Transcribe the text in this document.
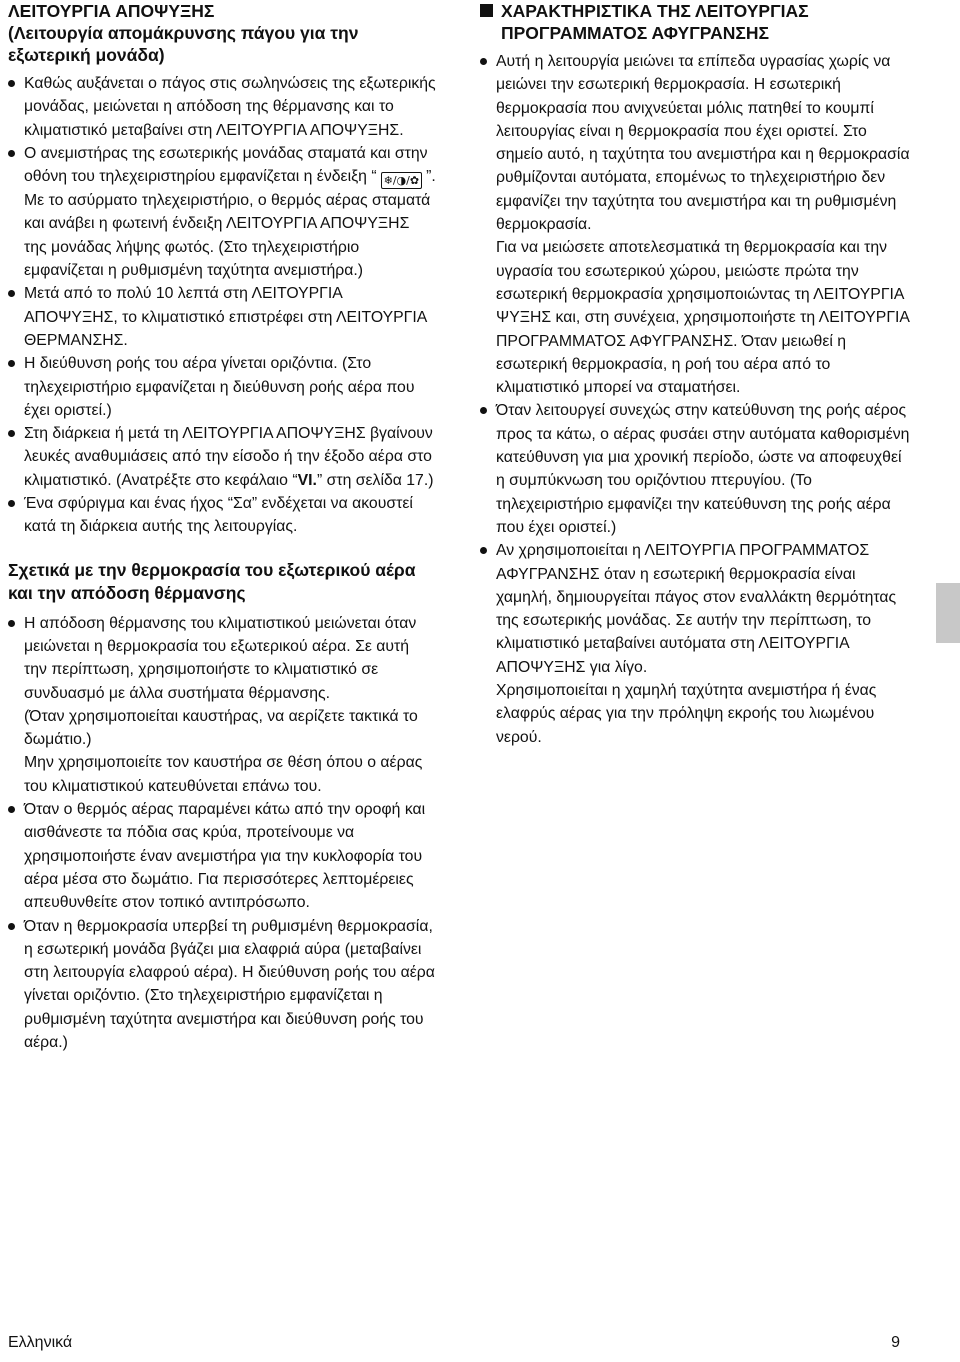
ΛΕΙΤΟΥΡΓΙΑ ΑΠΟΨΥΞΗΣ
(Λειτουργία απομάκρυνσης πάγου για την εξωτερική μονάδα)
Καθώς αυξάνεται ο πάγος στις σωληνώσεις της εξωτερικής μονάδας, μειώνεται η απόδοση της θέρμανσης και το κλιματιστικό μεταβαίνει στη ΛΕΙΤΟΥΡΓΙΑ ΑΠΟΨΥΞΗΣ.
Ο ανεμιστήρας της εσωτερικής μονάδας σταματά και στην οθόνη του τηλεχειριστηρίου εμφανίζεται η ένδειξη “ ❄/◑/✿ ”.
Με το ασύρματο τηλεχειριστήριο, ο θερμός αέρας σταματά και ανάβει η φωτεινή ένδειξη ΛΕΙΤΟΥΡΓΙΑ ΑΠΟΨΥΞΗΣ της μονάδας λήψης φωτός. (Στο τηλεχειριστήριο εμφανίζεται η ρυθμισμένη ταχύτητα ανεμιστήρα.)
Μετά από το πολύ 10 λεπτά στη ΛΕΙΤΟΥΡΓΙΑ ΑΠΟΨΥΞΗΣ, το κλιματιστικό επιστρέφει στη ΛΕΙΤΟΥΡΓΙΑ ΘΕΡΜΑΝΣΗΣ.
Η διεύθυνση ροής του αέρα γίνεται οριζόντια. (Στο τηλεχειριστήριο εμφανίζεται η διεύθυνση ροής αέρα που έχει οριστεί.)
Στη διάρκεια ή μετά τη ΛΕΙΤΟΥΡΓΙΑ ΑΠΟΨΥΞΗΣ βγαίνουν λευκές αναθυμιάσεις από την είσοδο ή την έξοδο αέρα στο κλιματιστικό. (Ανατρέξτε στο κεφάλαιο “VI.” στη σελίδα 17.)
Ένα σφύριγμα και ένας ήχος “Σα” ενδέχεται να ακουστεί κατά τη διάρκεια αυτής της λειτουργίας.
Σχετικά με την θερμοκρασία του εξωτερικού αέρα και την απόδοση θέρμανσης
Η απόδοση θέρμανσης του κλιματιστικού μειώνεται όταν μειώνεται η θερμοκρασία του εξωτερικού αέρα. Σε αυτή την περίπτωση, χρησιμοποιήστε το κλιματιστικό σε συνδυασμό με άλλα συστήματα θέρμανσης.
(Όταν χρησιμοποιείται καυστήρας, να αερίζετε τακτικά το δωμάτιο.)
Μην χρησιμοποιείτε τον καυστήρα σε θέση όπου ο αέρας του κλιματιστικού κατευθύνεται επάνω του.
Όταν ο θερμός αέρας παραμένει κάτω από την οροφή και αισθάνεστε τα πόδια σας κρύα, προτείνουμε να χρησιμοποιήστε έναν ανεμιστήρα για την κυκλοφορία του αέρα μέσα στο δωμάτιο. Για περισσότερες λεπτομέρειες απευθυνθείτε στον τοπικό αντιπρόσωπο.
Όταν η θερμοκρασία υπερβεί τη ρυθμισμένη θερμοκρασία, η εσωτερική μονάδα βγάζει μια ελαφριά αύρα (μεταβαίνει στη λειτουργία ελαφρού αέρα). Η διεύθυνση ροής του αέρα γίνεται οριζόντιο. (Στο τηλεχειριστήριο εμφανίζεται η ρυθμισμένη ταχύτητα ανεμιστήρα και διεύθυνση ροής του αέρα.)
ΧΑΡΑΚΤΗΡΙΣΤΙΚΑ ΤΗΣ ΛΕΙΤΟΥΡΓΙΑΣ
ΠΡΟΓΡΑΜΜΑΤΟΣ ΑΦΥΓΡΑΝΣΗΣ
Αυτή η λειτουργία μειώνει τα επίπεδα υγρασίας χωρίς να μειώνει την εσωτερική θερμοκρασία. Η εσωτερική θερμοκρασία που ανιχνεύεται μόλις πατηθεί το κουμπί λειτουργίας είναι η θερμοκρασία που έχει οριστεί. Στο σημείο αυτό, η ταχύτητα του ανεμιστήρα και η θερμοκρασία ρυθμίζονται αυτόματα, επομένως το τηλεχειριστήριο δεν εμφανίζει την ταχύτητα του ανεμιστήρα και τη ρυθμισμένη θερμοκρασία.
Για να μειώσετε αποτελεσματικά τη θερμοκρασία και την υγρασία του εσωτερικού χώρου, μειώστε πρώτα την εσωτερική θερμοκρασία χρησιμοποιώντας τη ΛΕΙΤΟΥΡΓΙΑ ΨΥΞΗΣ και, στη συνέχεια, χρησιμοποιήστε τη ΛΕΙΤΟΥΡΓΙΑ ΠΡΟΓΡΑΜΜΑΤΟΣ ΑΦΥΓΡΑΝΣΗΣ. Όταν μειωθεί η εσωτερική θερμοκρασία, η ροή του αέρα από το κλιματιστικό μπορεί να σταματήσει.
Όταν λειτουργεί συνεχώς στην κατεύθυνση της ροής αέρος προς τα κάτω, ο αέρας φυσάει στην αυτόματα καθορισμένη κατεύθυνση για μια χρονική περίοδο, ώστε να αποφευχθεί η συμπύκνωση του οριζόντιου πτερυγίου. (Το τηλεχειριστήριο εμφανίζει την κατεύθυνση της ροής αέρα που έχει οριστεί.)
Αν χρησιμοποιείται η ΛΕΙΤΟΥΡΓΙΑ ΠΡΟΓΡΑΜΜΑΤΟΣ ΑΦΥΓΡΑΝΣΗΣ όταν η εσωτερική θερμοκρασία είναι χαμηλή, δημιουργείται πάγος στον εναλλάκτη θερμότητας της εσωτερικής μονάδας. Σε αυτήν την περίπτωση, το κλιματιστικό μεταβαίνει αυτόματα στη ΛΕΙΤΟΥΡΓΙΑ ΑΠΟΨΥΞΗΣ για λίγο.
Χρησιμοποιείται η χαμηλή ταχύτητα ανεμιστήρα ή ένας ελαφρύς αέρας για την πρόληψη εκροής του λιωμένου νερού.
Ελληνικά	9
